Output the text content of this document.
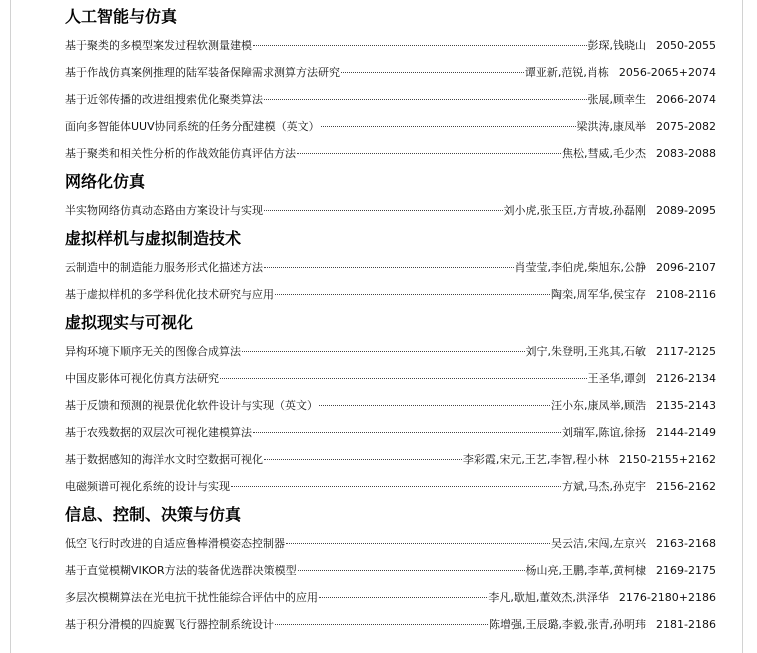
人工智能与仿真
基于聚类的多模型案发过程软测量建模	彭琛,钱晓山 2050-2055
基于作战仿真案例推理的陆军装备保障需求测算方法研究	谭亚新,范锐,肖栋 2056-2065+2074
基于近邻传播的改进组搜索优化聚类算法	张展,顾幸生 2066-2074
面向多智能体UUV协同系统的任务分配建模（英文）	梁洪涛,康凤举 2075-2082
基于聚类和相关性分析的作战效能仿真评估方法	焦松,彗威,毛少杰 2083-2088
网络化仿真
半实物网络仿真动态路由方案设计与实现	刘小虎,张玉臣,方青坡,孙磊刚 2089-2095
虚拟样机与虚拟制造技术
云制造中的制造能力服务形式化描述方法	肖莹莹,李伯虎,柴旭东,公静 2096-2107
基于虚拟样机的多学科优化技术研究与应用	陶栾,周军华,侯宝存 2108-2116
虚拟现实与可视化
异构环境下顺序无关的图像合成算法	刘宁,朱登明,王兆其,石敏 2117-2125
中国皮影体可视化仿真方法研究	王圣华,谭剑 2126-2134
基于反馈和预测的视景优化软件设计与实现（英文）	汪小东,康凤举,顾浩 2135-2143
基于农残数据的双层次可视化建模算法	刘瑞军,陈谊,徐扬 2144-2149
基于数据感知的海洋水文时空数据可视化	李彩霞,宋元,王艺,李智,程小林 2150-2155+2162
电磁频谱可视化系统的设计与实现	方斌,马杰,孙克宇 2156-2162
信息、控制、决策与仿真
低空飞行时改进的自适应鲁棒滑模姿态控制器	吴云洁,宋闯,左京兴 2163-2168
基于直觉模糊VIKOR方法的装备优选群决策模型	杨山亮,王鹏,李革,黄柯棣 2169-2175
多层次模糊算法在光电抗干扰性能综合评估中的应用	李凡,歇旭,董效杰,洪泽华 2176-2180+2186
基于积分滑模的四旋翼飞行器控制系统设计	陈增强,王辰璐,李毅,张青,孙明玮 2181-2186
